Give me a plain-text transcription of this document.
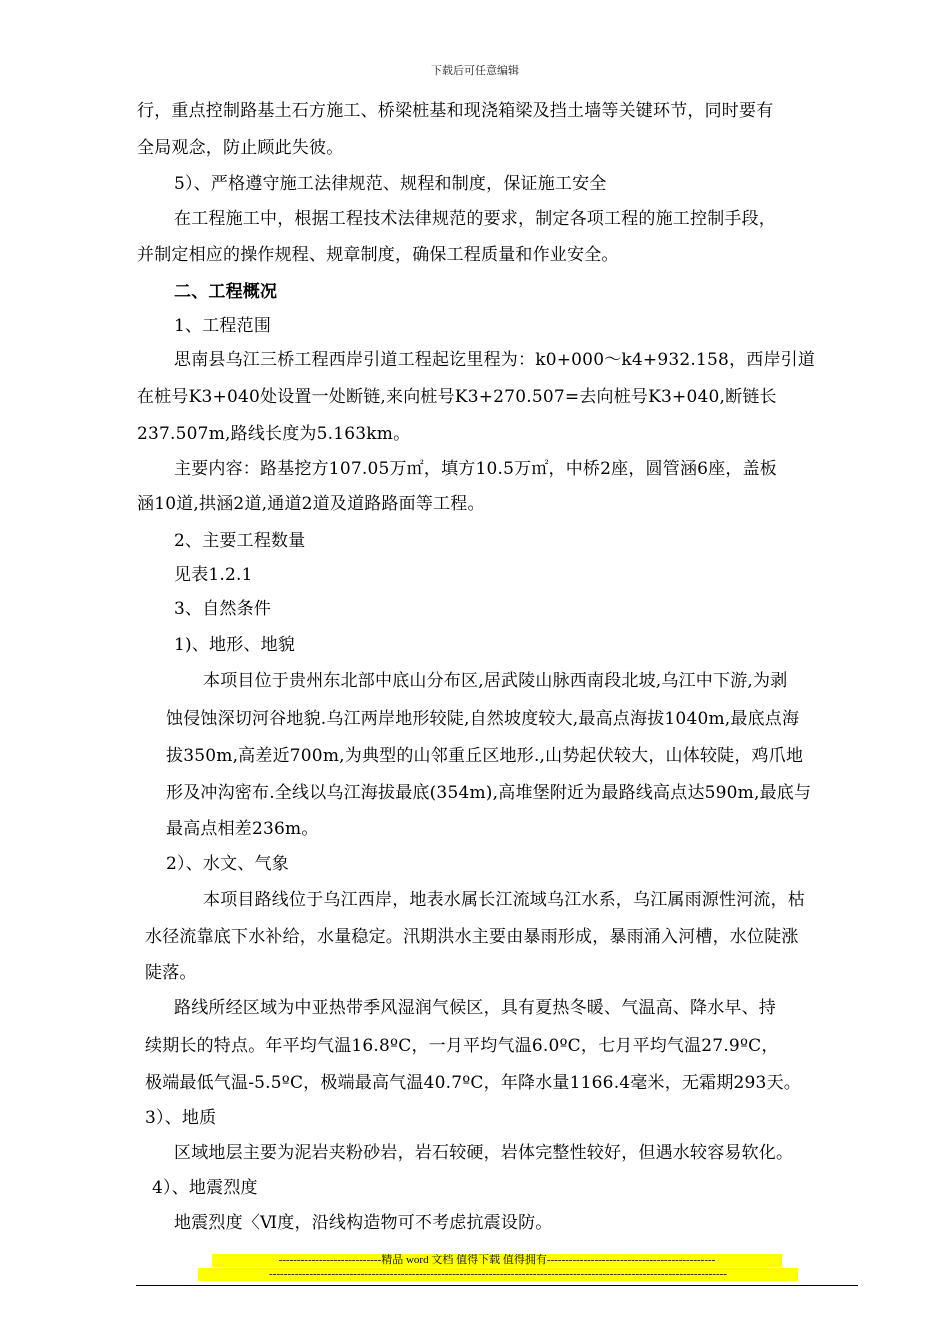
下载后可任意编辑
行，重点控制路基土石方施工、桥梁桩基和现浇箱梁及挡土墙等关键环节，同时要有
全局观念，防止顾此失彼。
5）、严格遵守施工法律规范、规程和制度，保证施工安全
在工程施工中，根据工程技术法律规范的要求，制定各项工程的施工控制手段，
并制定相应的操作规程、规章制度，确保工程质量和作业安全。
二、工程概况
1、工程范围
思南县乌江三桥工程西岸引道工程起讫里程为：k0+000～k4+932.158，西岸引道
在桩号K3+040处设置一处断链,来向桩号K3+270.507=去向桩号K3+040,断链长
237.507m,路线长度为5.163km。
主要内容：路基挖方107.05万㎡，填方10.5万㎡，中桥2座，圆管涵6座，盖板
涵10道,拱涵2道,通道2道及道路路面等工程。
2、主要工程数量
见表1.2.1
3、自然条件
1)、地形、地貌
本项目位于贵州东北部中底山分布区,居武陵山脉西南段北坡,乌江中下游,为剥
蚀侵蚀深切河谷地貌.乌江两岸地形较陡,自然坡度较大,最高点海拔1040m,最底点海
拔350m,高差近700m,为典型的山邻重丘区地形.,山势起伏较大，山体较陡，鸡爪地
形及冲沟密布.全线以乌江海拔最底(354m),高堆堡附近为最路线高点达590m,最底与
最高点相差236m。
2）、水文、气象
本项目路线位于乌江西岸，地表水属长江流域乌江水系，乌江属雨源性河流，枯
水径流靠底下水补给，水量稳定。汛期洪水主要由暴雨形成，暴雨涌入河槽，水位陡涨
陡落。
路线所经区域为中亚热带季风湿润气候区，具有夏热冬暖、气温高、降水早、持
续期长的特点。年平均气温16.8ºC，一月平均气温6.0ºC，七月平均气温27.9ºC，
极端最低气温-5.5ºC，极端最高气温40.7ºC，年降水量1166.4毫米，无霜期293天。
3）、地质
区域地层主要为泥岩夹粉砂岩，岩石较硬，岩体完整性较好，但遇水较容易软化。
4）、地震烈度
地震烈度〈Ⅵ度，沿线构造物可不考虑抗震设防。
----------------------------精品 word 文档 值得下载 值得拥有----------------------------------------------
-----------------------------------------------------------------------------------------------------------------------------
